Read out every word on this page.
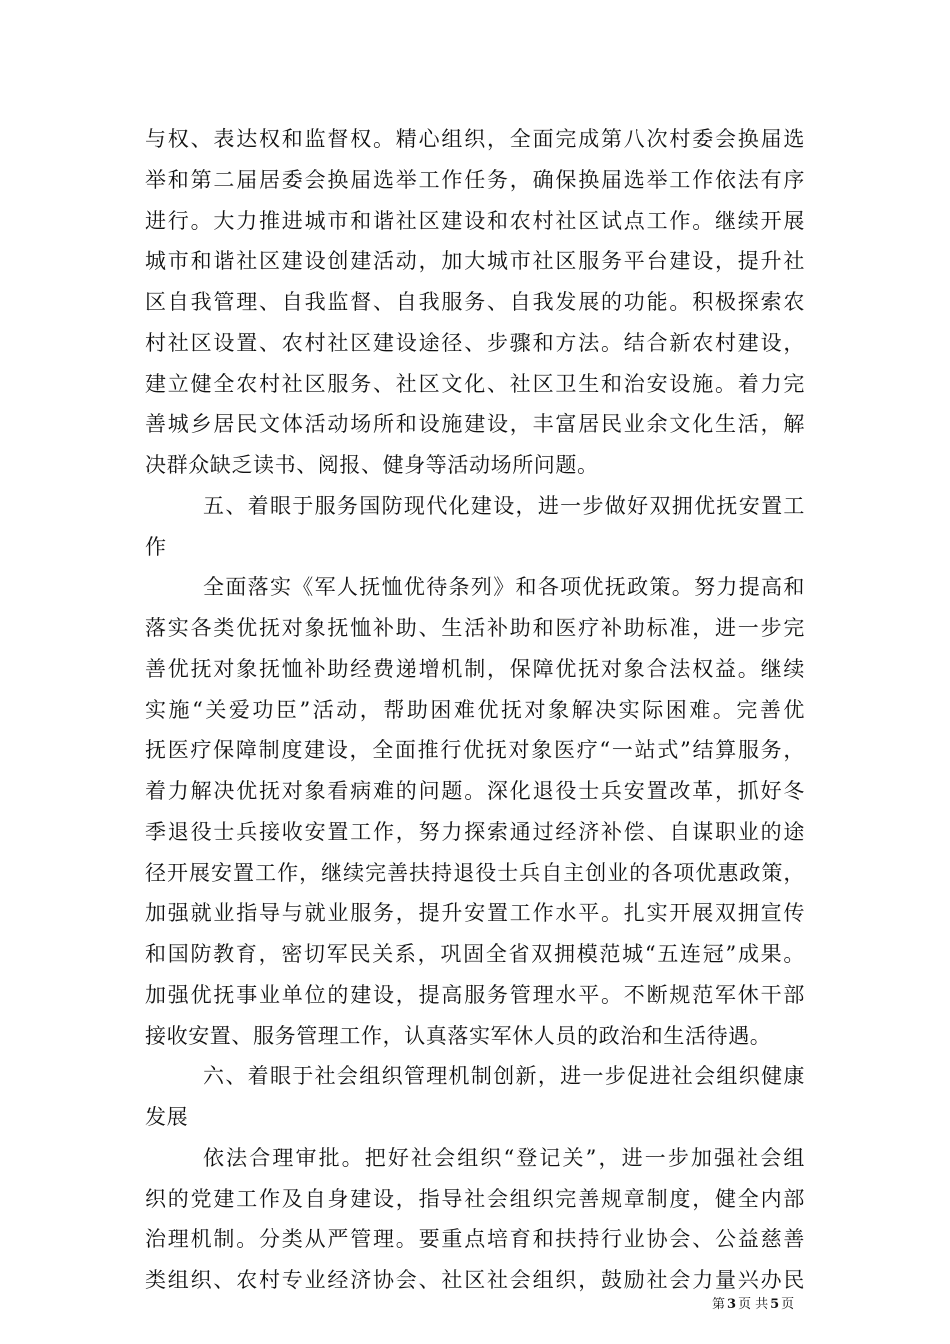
与权、表达权和监督权。精心组织，全面完成第八次村委会换届选
举和第二届居委会换届选举工作任务，确保换届选举工作依法有序
进行。大力推进城市和谐社区建设和农村社区试点工作。继续开展
城市和谐社区建设创建活动，加大城市社区服务平台建设，提升社
区自我管理、自我监督、自我服务、自我发展的功能。积极探索农
村社区设置、农村社区建设途径、步骤和方法。结合新农村建设，
建立健全农村社区服务、社区文化、社区卫生和治安设施。着力完
善城乡居民文体活动场所和设施建设，丰富居民业余文化生活，解
决群众缺乏读书、阅报、健身等活动场所问题。
五、着眼于服务国防现代化建设，进一步做好双拥优抚安置工
作
全面落实《军人抚恤优待条列》和各项优抚政策。努力提高和
落实各类优抚对象抚恤补助、生活补助和医疗补助标准，进一步完
善优抚对象抚恤补助经费递增机制，保障优抚对象合法权益。继续
实施“关爱功臣”活动，帮助困难优抚对象解决实际困难。完善优
抚医疗保障制度建设，全面推行优抚对象医疗“一站式”结算服务，
着力解决优抚对象看病难的问题。深化退役士兵安置改革，抓好冬
季退役士兵接收安置工作，努力探索通过经济补偿、自谋职业的途
径开展安置工作，继续完善扶持退役士兵自主创业的各项优惠政策，
加强就业指导与就业服务，提升安置工作水平。扎实开展双拥宣传
和国防教育，密切军民关系，巩固全省双拥模范城“五连冠”成果。
加强优抚事业单位的建设，提高服务管理水平。不断规范军休干部
接收安置、服务管理工作，认真落实军休人员的政治和生活待遇。
六、着眼于社会组织管理机制创新，进一步促进社会组织健康
发展
依法合理审批。把好社会组织“登记关”，进一步加强社会组
织的党建工作及自身建设，指导社会组织完善规章制度，健全内部
治理机制。分类从严管理。要重点培育和扶持行业协会、公益慈善
类组织、农村专业经济协会、社区社会组织，鼓励社会力量兴办民
第 3 页 共 5 页
